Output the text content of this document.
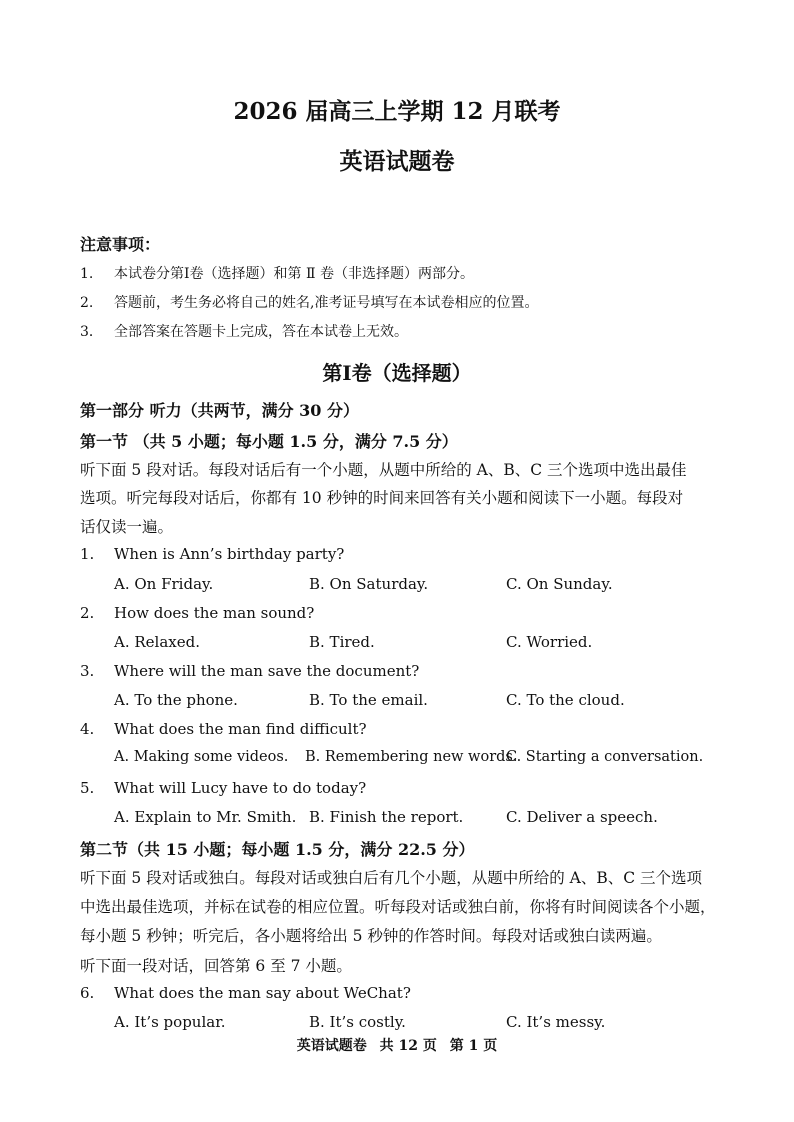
2026 届高三上学期 12 月联考
英语试题卷
注意事项：
1. 本试卷分第Ⅰ卷（选择题）和第 Ⅱ 卷（非选择题）两部分。
2. 答题前，考生务必将自己的姓名,准考证号填写在本试卷相应的位置。
3． 全部答案在答题卡上完成，答在本试卷上无效。
第Ⅰ卷（选择题）
第一部分 听力（共两节，满分 30 分）
第一节 （共 5 小题；每小题 1.5 分，满分 7.5 分）
听下面 5 段对话。每段对话后有一个小题，从题中所给的 A、B、C 三个选项中选出最佳
选项。听完每段对话后，你都有 10 秒钟的时间来回答有关小题和阅读下一小题。每段对
话仅读一遍。
1. When is Ann’s birthday party?
A. On Friday.	B. On Saturday.	C. On Sunday.
2. How does the man sound?
A. Relaxed.	B. Tired.	C. Worried.
3. Where will the man save the document?
A. To the phone.	B. To the email.	C. To the cloud.
4. What does the man find difficult?
A. Making some videos. B. Remembering new words.
C. Starting a conversation.
5. What will Lucy have to do today?
A. Explain to Mr. Smith. B. Finish the report.	C. Deliver a speech.
第二节（共 15 小题；每小题 1.5 分，满分 22.5 分）
听下面 5 段对话或独白。每段对话或独白后有几个小题，从题中所给的 A、B、C 三个选项
中选出最佳选项，并标在试卷的相应位置。听每段对话或独白前，你将有时间阅读各个小题，
每小题 5 秒钟；听完后，各小题将给出 5 秒钟的作答时间。每段对话或独白读两遍。
听下面一段对话，回答第 6 至 7 小题。
6. What does the man say about WeChat?
A. It’s popular.	B. It’s costly.	C. It’s messy.
英语试题卷 共 12 页 第 1 页
